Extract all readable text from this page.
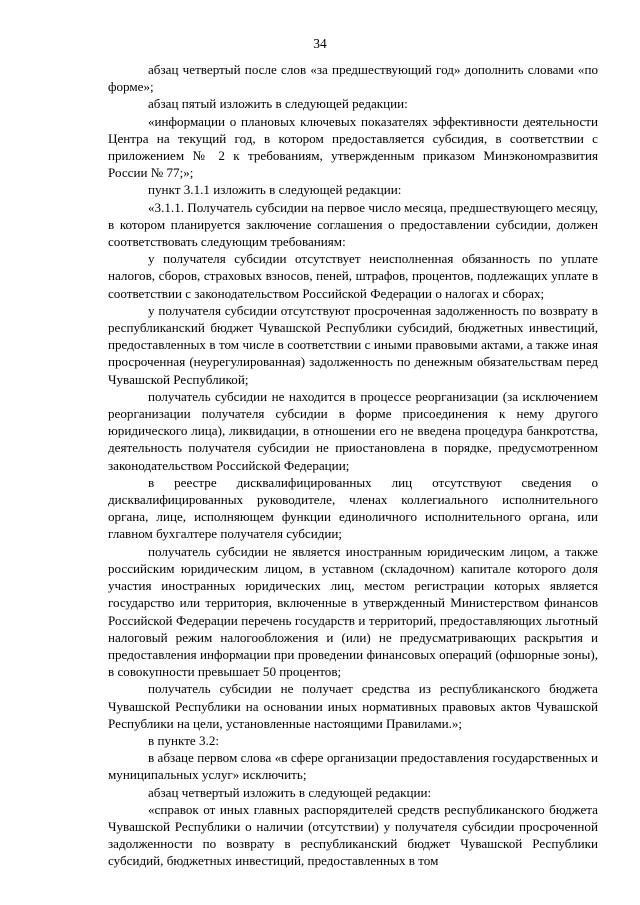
34

абзац четвертый после слов «за предшествующий год» дополнить словами «по форме»;

абзац пятый изложить в следующей редакции:

«информации о плановых ключевых показателях эффективности деятельности Центра на текущий год, в котором предоставляется субсидия, в соответствии с приложением № 2 к требованиям, утвержденным приказом Минэкономразвития России № 77;»;

пункт 3.1.1 изложить в следующей редакции:

«3.1.1. Получатель субсидии на первое число месяца, предшествующего месяцу, в котором планируется заключение соглашения о предоставлении субсидии, должен соответствовать следующим требованиям:

у получателя субсидии отсутствует неисполненная обязанность по уплате налогов, сборов, страховых взносов, пеней, штрафов, процентов, подлежащих уплате в соответствии с законодательством Российской Федерации о налогах и сборах;

у получателя субсидии отсутствуют просроченная задолженность по возврату в республиканский бюджет Чувашской Республики субсидий, бюджетных инвестиций, предоставленных в том числе в соответствии с иными правовыми актами, а также иная просроченная (неурегулированная) задолженность по денежным обязательствам перед Чувашской Республикой;

получатель субсидии не находится в процессе реорганизации (за исключением реорганизации получателя субсидии в форме присоединения к нему другого юридического лица), ликвидации, в отношении его не введена процедура банкротства, деятельность получателя субсидии не приостановлена в порядке, предусмотренном законодательством Российской Федерации;

в реестре дисквалифицированных лиц отсутствуют сведения о дисквалифицированных руководителе, членах коллегиального исполнительного органа, лице, исполняющем функции единоличного исполнительного органа, или главном бухгалтере получателя субсидии;

получатель субсидии не является иностранным юридическим лицом, а также российским юридическим лицом, в уставном (складочном) капитале которого доля участия иностранных юридических лиц, местом регистрации которых является государство или территория, включенные в утвержденный Министерством финансов Российской Федерации перечень государств и территорий, предоставляющих льготный налоговый режим налогообложения и (или) не предусматривающих раскрытия и предоставления информации при проведении финансовых операций (офшорные зоны), в совокупности превышает 50 процентов;

получатель субсидии не получает средства из республиканского бюджета Чувашской Республики на основании иных нормативных правовых актов Чувашской Республики на цели, установленные настоящими Правилами.»;

в пункте 3.2:

в абзаце первом слова «в сфере организации предоставления государственных и муниципальных услуг» исключить;

абзац четвертый изложить в следующей редакции:

«справок от иных главных распорядителей средств республиканского бюджета Чувашской Республики о наличии (отсутствии) у получателя субсидии просроченной задолженности по возврату в республиканский бюджет Чувашской Республики субсидий, бюджетных инвестиций, предоставленных в том
